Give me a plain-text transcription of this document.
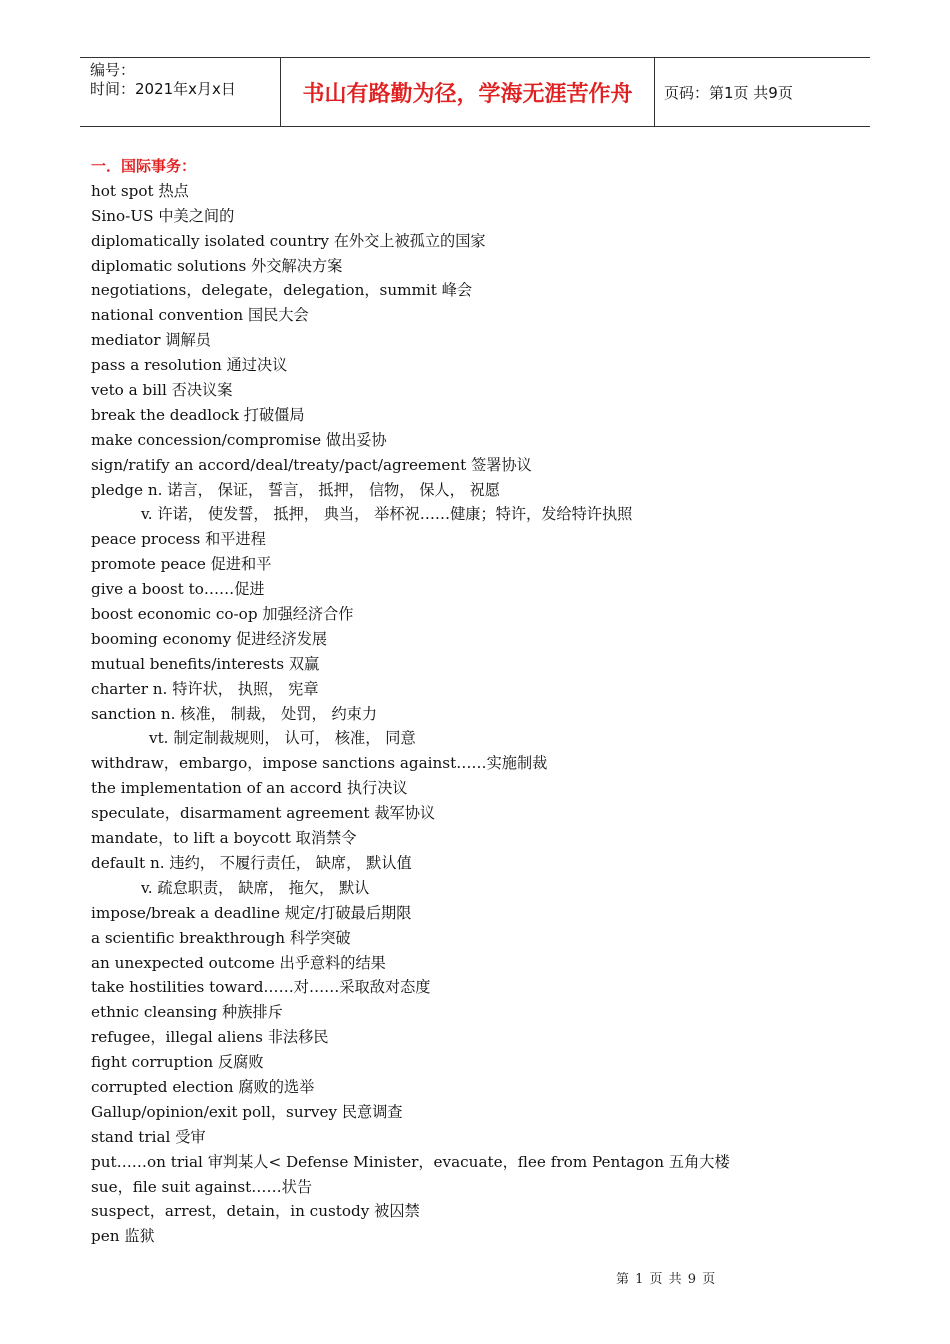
编号：
时间：2021年x月x日	书山有路勤为径，学海无涯苦作舟 页码：第1页 共9页
一．国际事务：
hot spot 热点
Sino-US 中美之间的
diplomatically isolated country 在外交上被孤立的国家
diplomatic solutions 外交解决方案
negotiations，delegate，delegation，summit 峰会
national convention 国民大会
mediator 调解员
pass a resolution 通过决议
veto a bill 否决议案
break the deadlock 打破僵局
make concession/compromise 做出妥协
sign/ratify an accord/deal/treaty/pact/agreement 签署协议
pledge n. 诺言， 保证， 誓言， 抵押， 信物， 保人， 祝愿
v. 许诺， 使发誓， 抵押， 典当， 举杯祝……健康；特许，发给特许执照
peace process 和平进程
promote peace 促进和平
give a boost to……促进
boost economic co-op 加强经济合作
booming economy 促进经济发展
mutual benefits/interests 双赢
charter n. 特许状， 执照， 宪章
sanction n. 核准， 制裁， 处罚， 约束力
vt. 制定制裁规则， 认可， 核准， 同意
withdraw，embargo，impose sanctions against……实施制裁
the implementation of an accord 执行决议
speculate，disarmament agreement 裁军协议
mandate，to lift a boycott 取消禁令
default n. 违约， 不履行责任， 缺席， 默认值
v. 疏怠职责， 缺席， 拖欠， 默认
impose/break a deadline 规定/打破最后期限
a scientific breakthrough 科学突破
an unexpected outcome 出乎意料的结果
take hostilities toward……对……采取敌对态度
ethnic cleansing 种族排斥
refugee，illegal aliens 非法移民
fight corruption 反腐败
corrupted election 腐败的选举
Gallup/opinion/exit poll，survey 民意调查
stand trial 受审
put……on trial 审判某人< Defense Minister，evacuate，flee from Pentagon 五角大楼
sue，file suit against……状告
suspect，arrest，detain，in custody 被囚禁
pen 监狱
第 1 页 共 9 页
